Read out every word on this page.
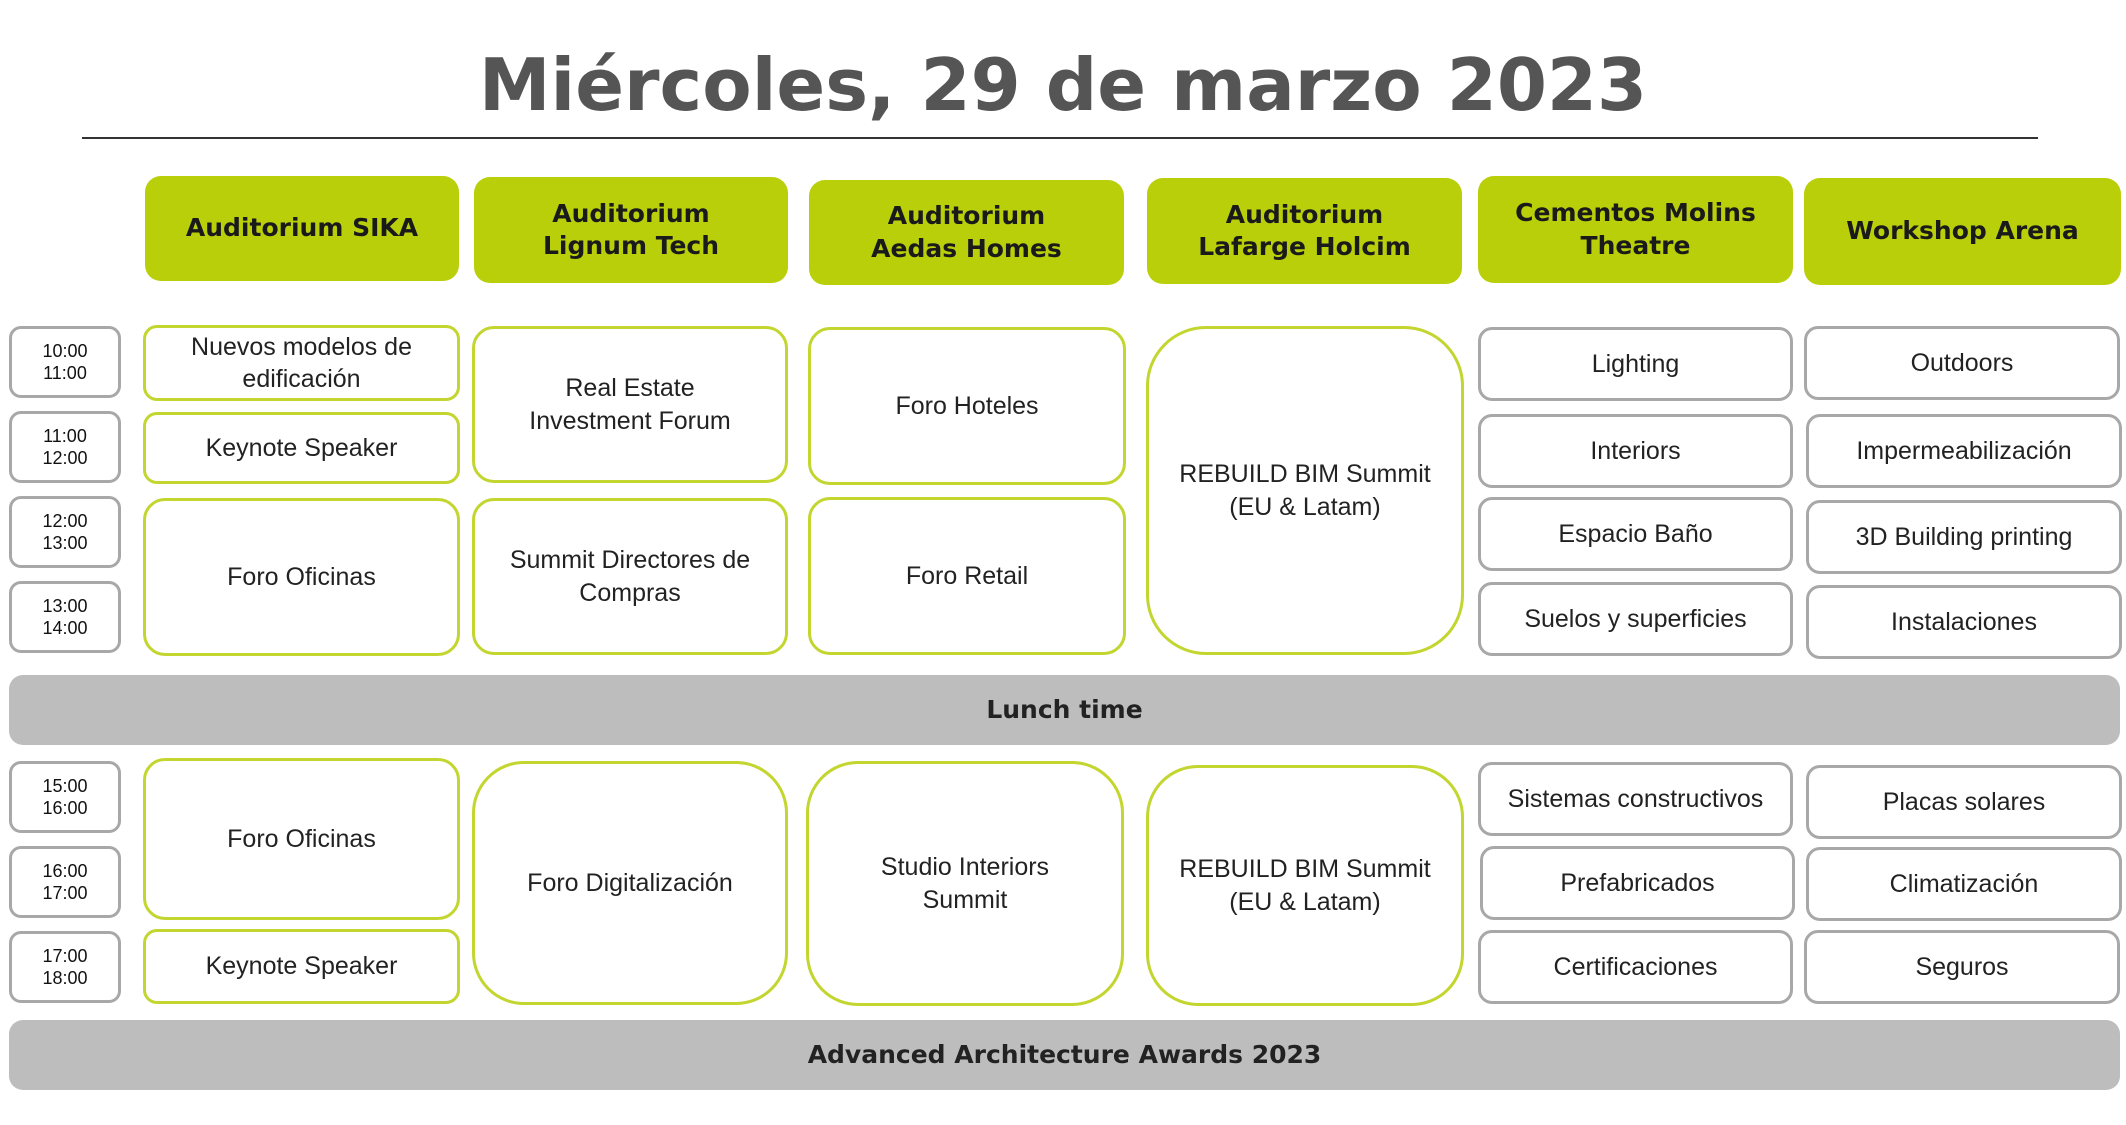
Miércoles, 29 de marzo 2023
Auditorium SIKA
Auditorium
Lignum Tech
Auditorium
Aedas Homes
Auditorium
Lafarge Holcim
Cementos Molins
Theatre	Workshop Arena
10:00
11:00
11:00
12:00
12:00
13:00
13:00
14:00
15:00
16:00
16:00
17:00
17:00
18:00
Nuevos modelos de
edificación
Keynote Speaker
Foro Oficinas
Foro Oficinas
Keynote Speaker
Real Estate
Investment Forum
Summit Directores de
Compras
Foro Digitalización
Foro Hoteles
Foro Retail
Studio Interiors
Summit
REBUILD BIM Summit
(EU & Latam)
REBUILD BIM Summit
(EU & Latam)
Lighting
Interiors
Espacio Baño
Suelos y superficies
Sistemas constructivos
Prefabricados
Certificaciones
Outdoors
Impermeabilización
3D Building printing
Instalaciones
Placas solares
Climatización
Seguros
Lunch time
Advanced Architecture Awards 2023
